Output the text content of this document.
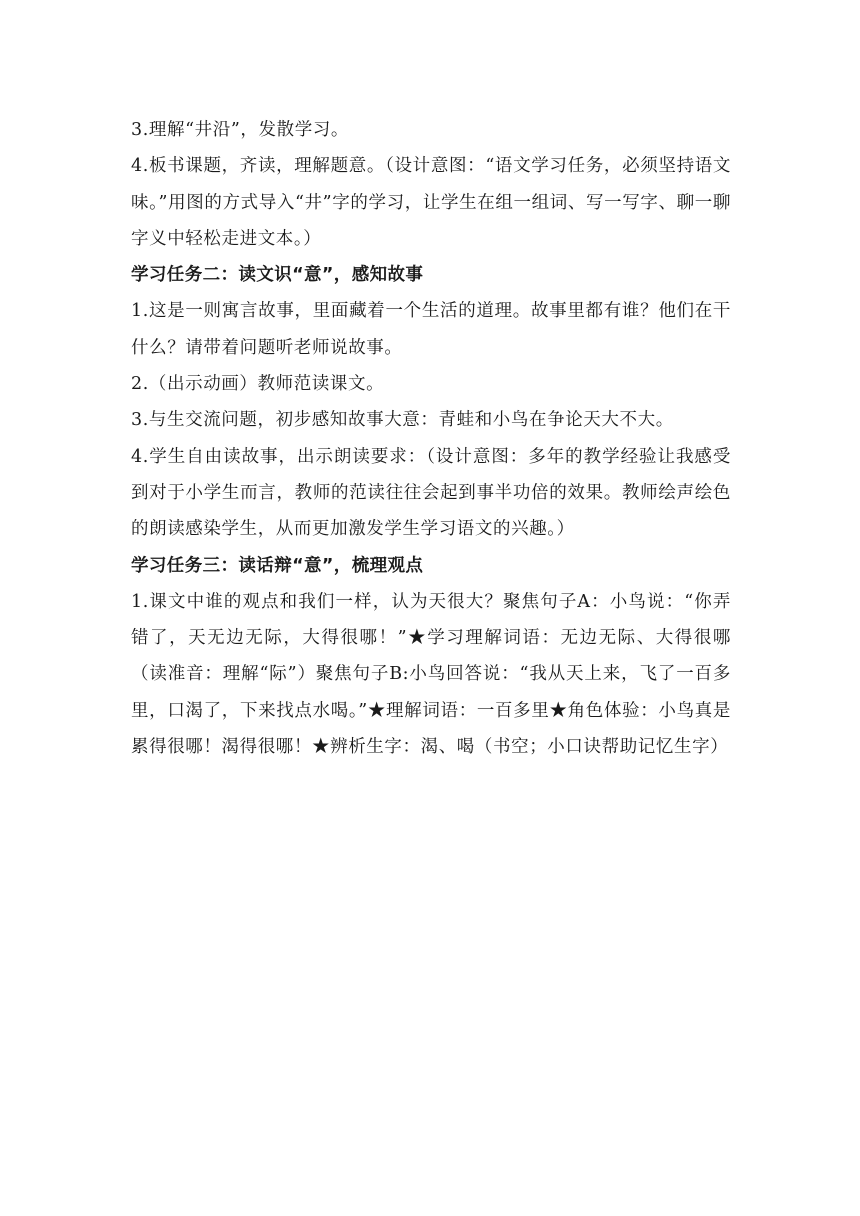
3.理解“井沿”，发散学习。

4.板书课题，齐读，理解题意。（设计意图：“语文学习任务，必须坚持语文味。”用图的方式导入“井”字的学习，让学生在组一组词、写一写字、聊一聊字义中轻松走进文本。）

学习任务二：读文识“意”，感知故事

1.这是一则寓言故事，里面藏着一个生活的道理。故事里都有谁？他们在干什么？请带着问题听老师说故事。

2.（出示动画）教师范读课文。

3.与生交流问题，初步感知故事大意：青蛙和小鸟在争论天大不大。

4.学生自由读故事，出示朗读要求：（设计意图：多年的教学经验让我感受到对于小学生而言，教师的范读往往会起到事半功倍的效果。教师绘声绘色的朗读感染学生，从而更加激发学生学习语文的兴趣。）

学习任务三：读话辩“意”，梳理观点

1.课文中谁的观点和我们一样，认为天很大？聚焦句子A：小鸟说：“你弄错了，天无边无际，大得很哪！”★学习理解词语：无边无际、大得很哪（读准音：理解“际”）聚焦句子B:小鸟回答说：“我从天上来，飞了一百多里，口渴了，下来找点水喝。”★理解词语：一百多里★角色体验：小鸟真是累得很哪！渴得很哪！★辨析生字：渴、喝（书空；小口诀帮助记忆生字）
